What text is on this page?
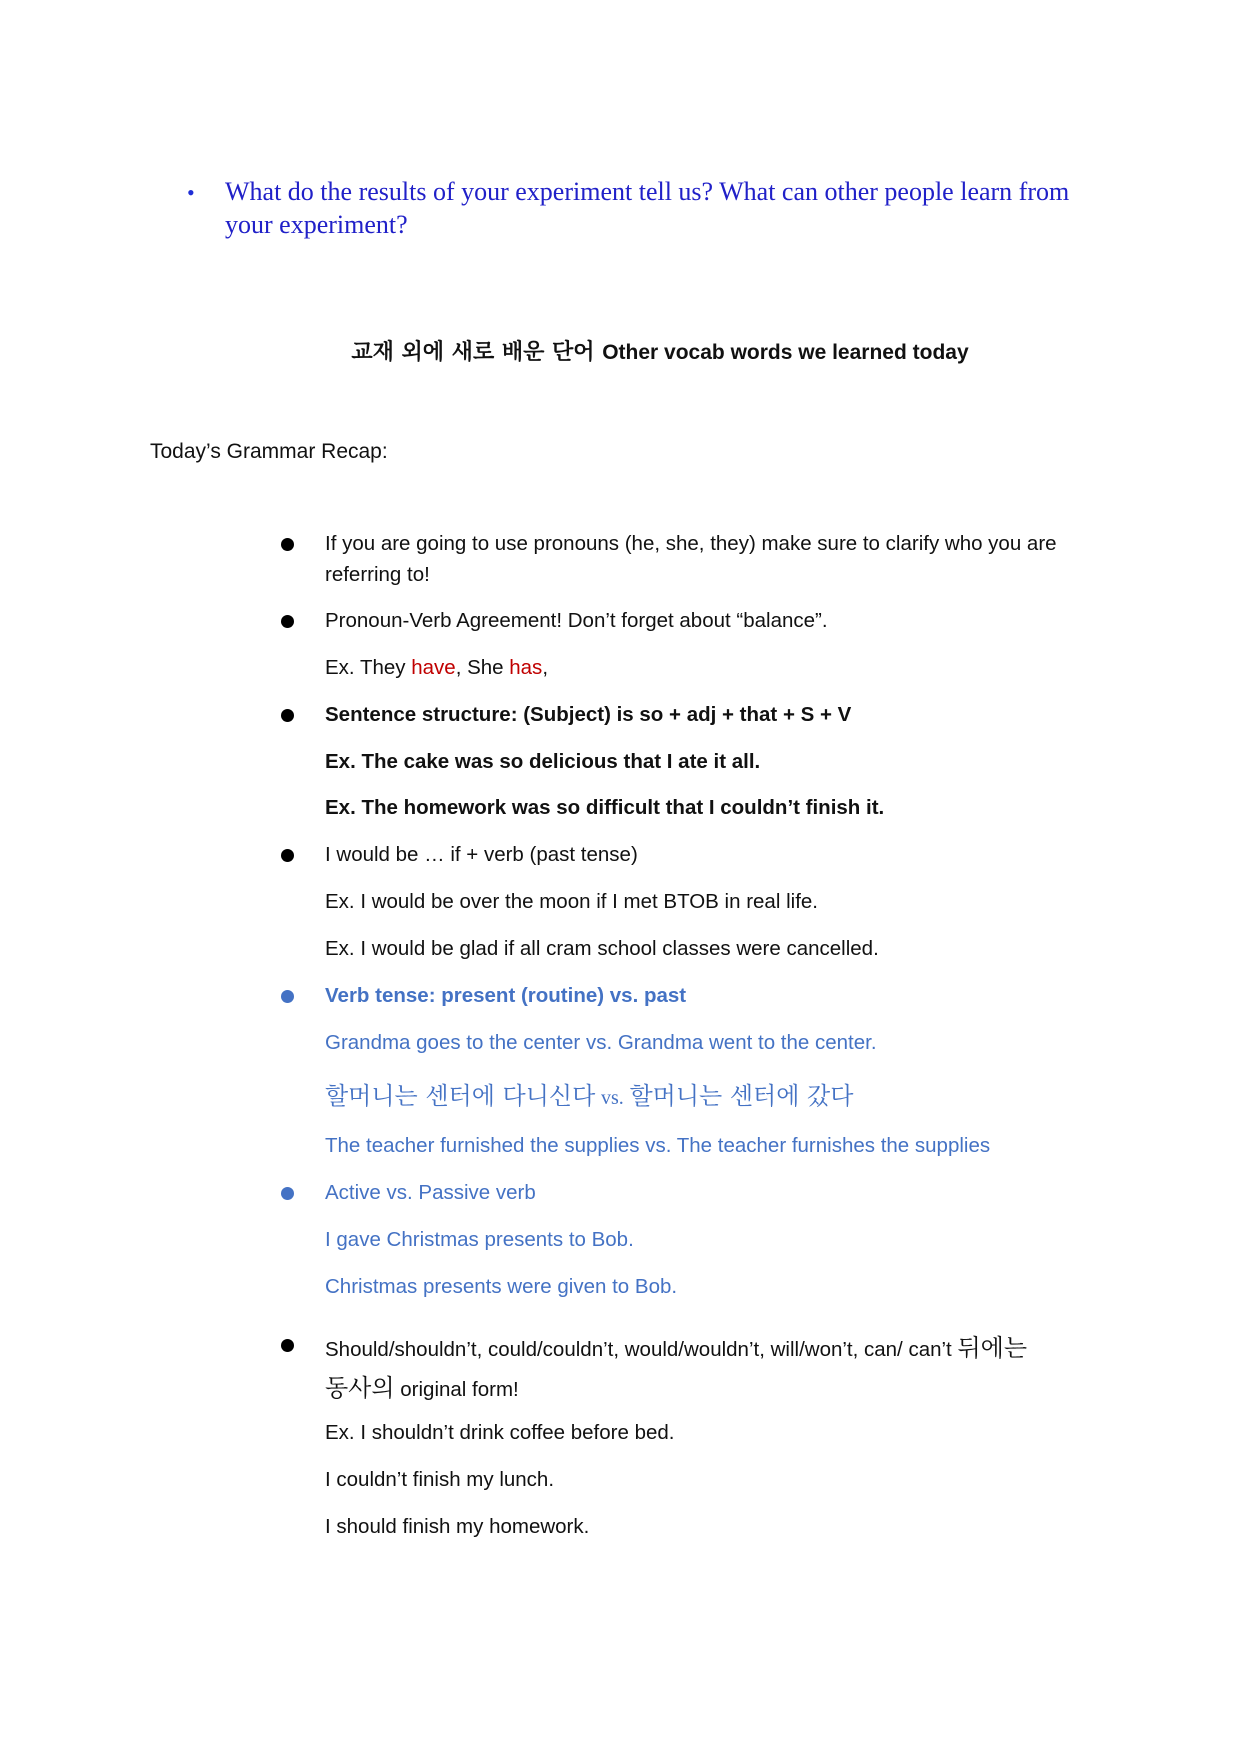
• What do the results of your experiment tell us? What can other people learn from your experiment?
교재 외에 새로 배운 단어 Other vocab words we learned today
Today’s Grammar Recap:
If you are going to use pronouns (he, she, they) make sure to clarify who you are
referring to!
Pronoun-Verb Agreement! Don’t forget about “balance”.
Ex. They have, She has,
Sentence structure: (Subject) is so + adj + that + S + V
Ex. The cake was so delicious that I ate it all.
Ex. The homework was so difficult that I couldn’t finish it.
I would be … if + verb (past tense)
Ex. I would be over the moon if I met BTOB in real life.
Ex. I would be glad if all cram school classes were cancelled.
Verb tense: present (routine) vs. past
Grandma goes to the center vs. Grandma went to the center.
할머니는 센터에 다니신다 vs. 할머니는 센터에 갔다
The teacher furnished the supplies vs. The teacher furnishes the supplies
Active vs. Passive verb
I gave Christmas presents to Bob.
Christmas presents were given to Bob.
Should/shouldn’t, could/couldn’t, would/wouldn’t, will/won’t, can/ can’t 뒤에는
동사의 original form!
Ex. I shouldn’t drink coffee before bed.
I couldn’t finish my lunch.
I should finish my homework.
